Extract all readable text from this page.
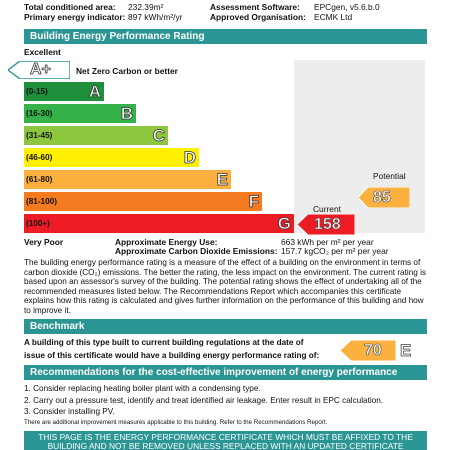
Total conditioned area: 232.39m²	Assessment Software: EPCgen, v5.6.b.0
Primary energy indicator: 897 kWh/m²/yr	Approved Organisation: ECMK Ltd
Building Energy Performance Rating
Excellent
A+	Net Zero Carbon or better
(0-15) A
(16-30)	B
(31-45)	C
(46-60)	D
(61-80)	E
(81-100)	F
(100+)	G
Potential
85
Current
158
Very Poor	Approximate Energy Use:	663 kWh per m² per year
Approximate Carbon Dioxide Emissions: 157.7 kgCO₂ per m² per year
The building energy performance rating is a measure of the effect of a building on the environment in terms of carbon dioxide (CO₂) emissions. The better the rating, the less impact on the environment. The current rating is based upon an assessor's survey of the building. The potential rating shows the effect of undertaking all of the recommended measures listed below. The Recommendations Report which accompanies this certificate explains how this rating is calculated and gives further information on the performance of this building and how to improve it.
Benchmark
A building of this type built to current building regulations at the date of
issue of this certificate would have a building energy performance rating of:	70 E
Recommendations for the cost-effective improvement of energy performance
1. Consider replacing heating boiler plant with a condensing type.
2. Carry out a pressure test, identify and treat identified air leakage. Enter result in EPC calculation.
3. Consider installing PV.
There are additional improvement measures applicable to this building. Refer to the Recommendations Report.
THIS PAGE IS THE ENERGY PERFORMANCE CERTIFICATE WHICH MUST BE AFFIXED TO THE
BUILDING AND NOT BE REMOVED UNLESS REPLACED WITH AN UPDATED CERTIFICATE
